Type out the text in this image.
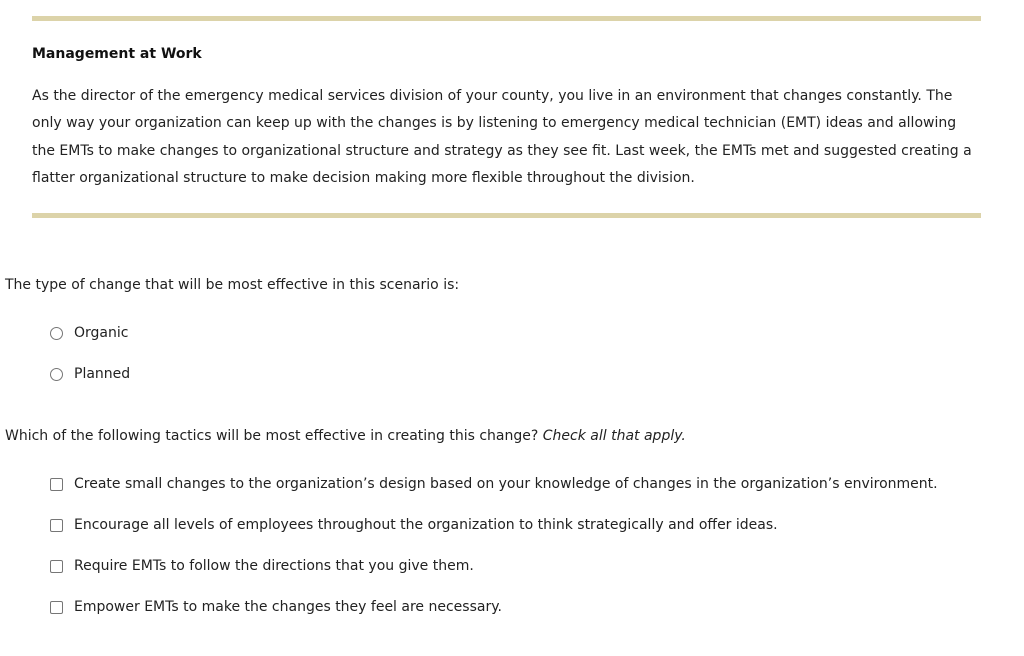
Management at Work
As the director of the emergency medical services division of your county, you live in an environment that changes constantly. The only way your organization can keep up with the changes is by listening to emergency medical technician (EMT) ideas and allowing the EMTs to make changes to organizational structure and strategy as they see fit. Last week, the EMTs met and suggested creating a flatter organizational structure to make decision making more flexible throughout the division.
The type of change that will be most effective in this scenario is:
Organic
Planned
Which of the following tactics will be most effective in creating this change? Check all that apply.
Create small changes to the organization’s design based on your knowledge of changes in the organization’s environment.
Encourage all levels of employees throughout the organization to think strategically and offer ideas.
Require EMTs to follow the directions that you give them.
Empower EMTs to make the changes they feel are necessary.
